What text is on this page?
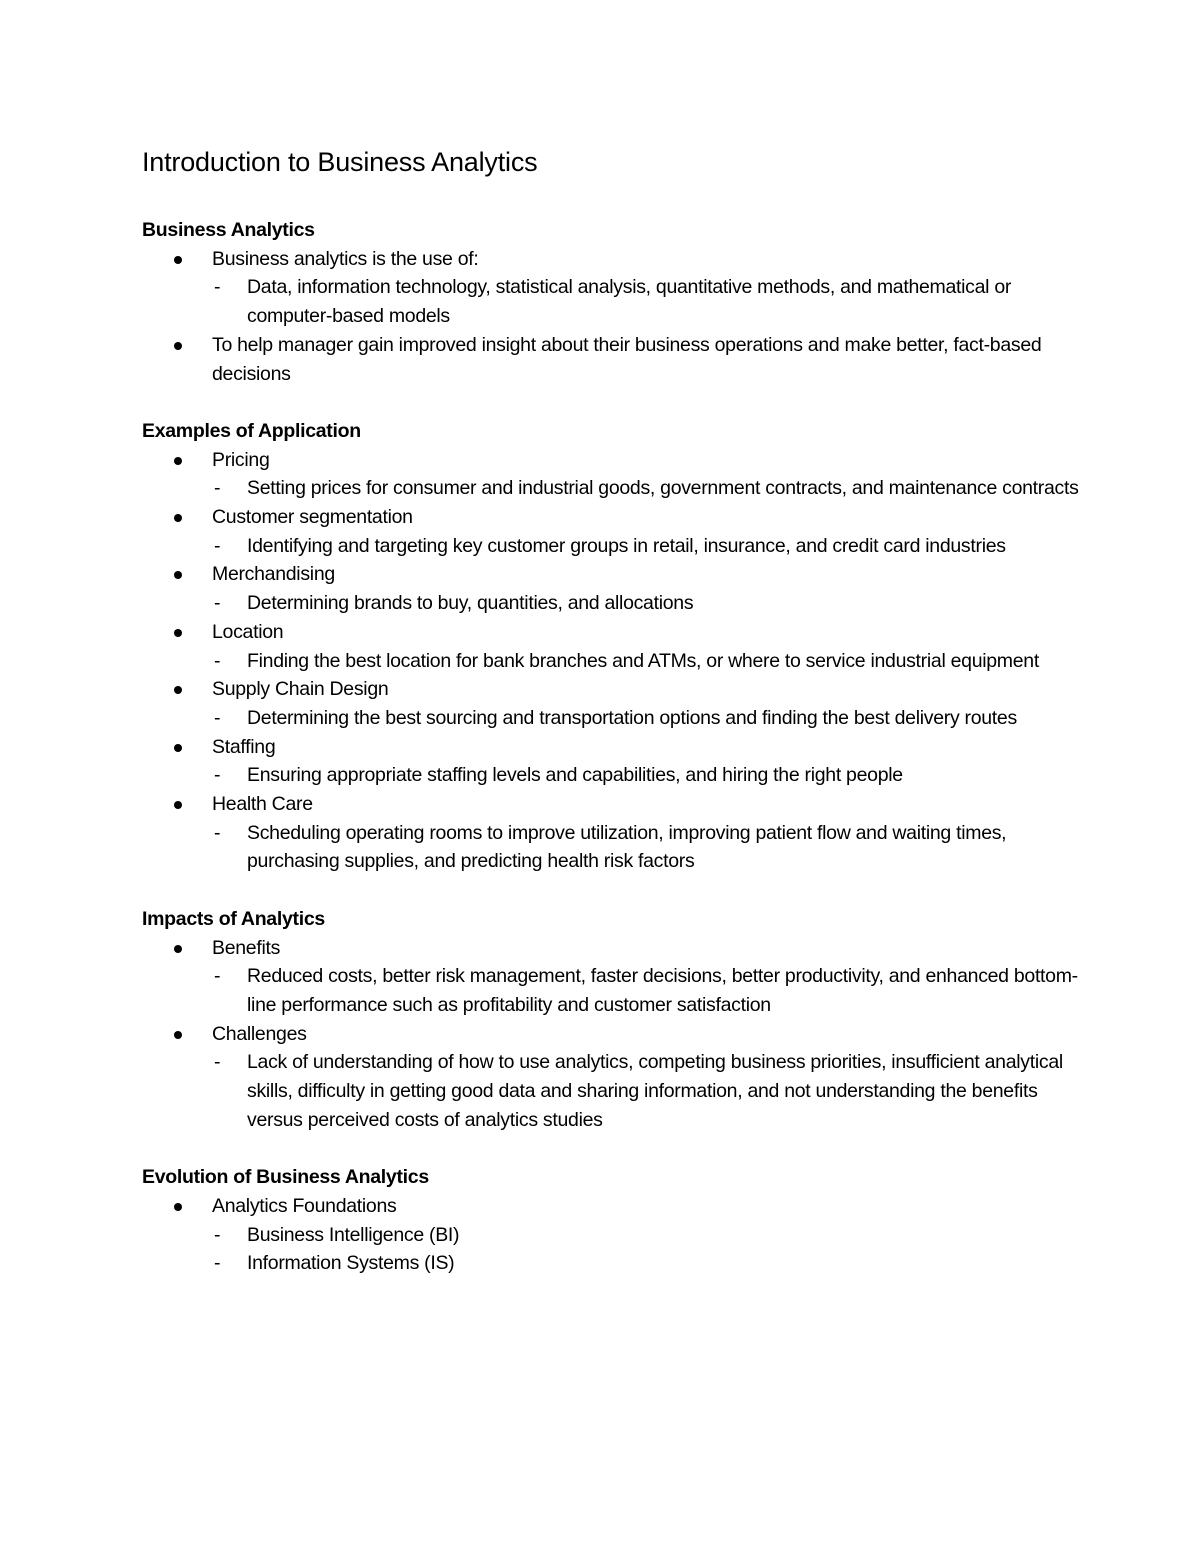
Introduction to Business Analytics
Business Analytics
Business analytics is the use of:
- Data, information technology, statistical analysis, quantitative methods, and mathematical or computer-based models
To help manager gain improved insight about their business operations and make better, fact-based decisions
Examples of Application
Pricing
- Setting prices for consumer and industrial goods, government contracts, and maintenance contracts
Customer segmentation
- Identifying and targeting key customer groups in retail, insurance, and credit card industries
Merchandising
- Determining brands to buy, quantities, and allocations
Location
- Finding the best location for bank branches and ATMs, or where to service industrial equipment
Supply Chain Design
- Determining the best sourcing and transportation options and finding the best delivery routes
Staffing
- Ensuring appropriate staffing levels and capabilities, and hiring the right people
Health Care
- Scheduling operating rooms to improve utilization, improving patient flow and waiting times, purchasing supplies, and predicting health risk factors
Impacts of Analytics
Benefits
- Reduced costs, better risk management, faster decisions, better productivity, and enhanced bottom-line performance such as profitability and customer satisfaction
Challenges
- Lack of understanding of how to use analytics, competing business priorities, insufficient analytical skills, difficulty in getting good data and sharing information, and not understanding the benefits versus perceived costs of analytics studies
Evolution of Business Analytics
Analytics Foundations
- Business Intelligence (BI)
- Information Systems (IS)
